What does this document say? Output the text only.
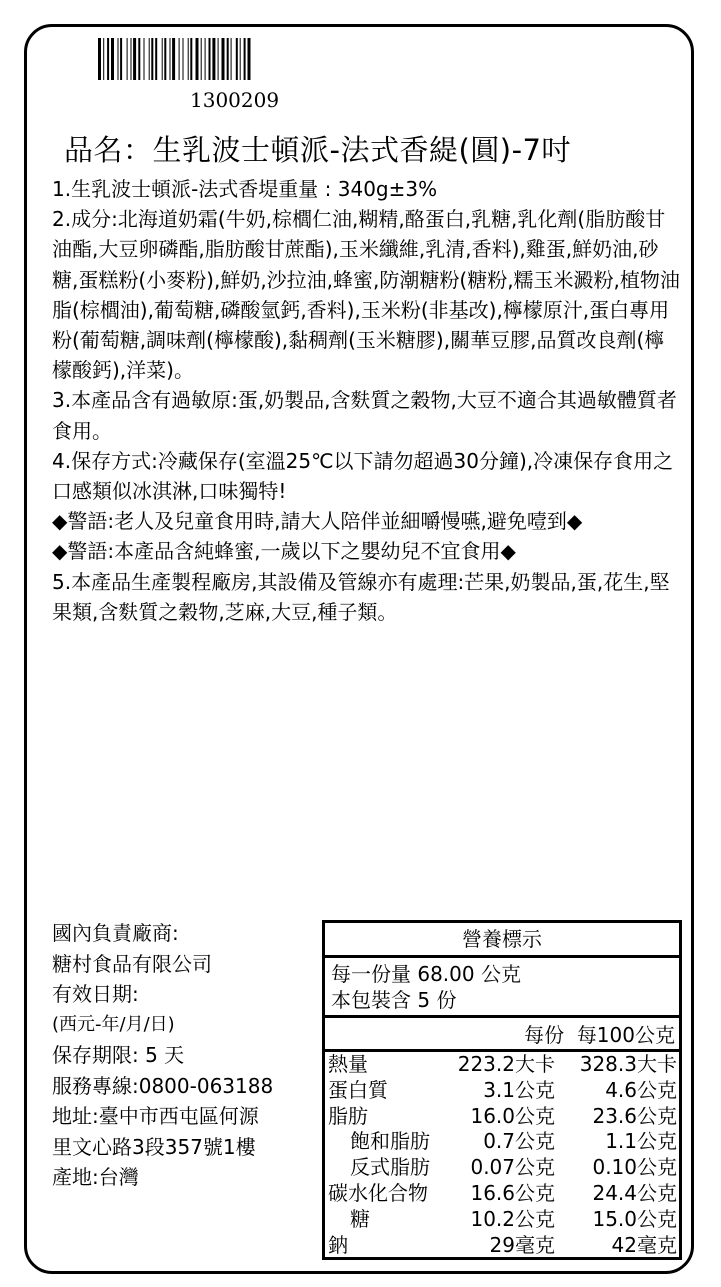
1300209
品名：生乳波士頓派-法式香緹(圓)-7吋

1.生乳波士頓派-法式香堤重量 : 340g±3%

2.成分:北海道奶霜(牛奶,棕櫚仁油,糊精,酪蛋白,乳糖,乳化劑(脂肪酸甘油酯,大豆卵磷酯,脂肪酸甘蔗酯),玉米纖維,乳清,香料),雞蛋,鮮奶油,砂糖,蛋糕粉(小麥粉),鮮奶,沙拉油,蜂蜜,防潮糖粉(糖粉,糯玉米澱粉,植物油脂(棕櫚油),葡萄糖,磷酸氫鈣,香料),玉米粉(非基改),檸檬原汁,蛋白專用粉(葡萄糖,調味劑(檸檬酸),黏稠劑(玉米糖膠),關華豆膠,品質改良劑(檸檬酸鈣),洋菜)。

3.本產品含有過敏原:蛋,奶製品,含麩質之穀物,大豆不適合其過敏體質者食用。

4.保存方式:冷藏保存(室溫25℃以下請勿超過30分鐘),冷凍保存食用之口感類似冰淇淋,口味獨特!

◆警語:老人及兒童食用時,請大人陪伴並細嚼慢嚥,避免噎到◆

◆警語:本產品含純蜂蜜,一歲以下之嬰幼兒不宜食用◆

5.本產品生產製程廠房,其設備及管線亦有處理:芒果,奶製品,蛋,花生,堅果類,含麩質之穀物,芝麻,大豆,種子類。

國內負責廠商:
糖村食品有限公司
有效日期:
(西元-年/月/日)
保存期限: 5 天
服務專線:0800-063188
地址:臺中市西屯區何源
里文心路3段357號1樓
產地:台灣
營養標示
每一份量 68.00 公克
本包裝含 5 份
每份 每100公克
熱量	223.2大卡	328.3大卡
蛋白質	3.1公克	4.6公克
脂肪	16.0公克	23.6公克
飽和脂肪	0.7公克	1.1公克
反式脂肪	0.07公克	0.10公克
碳水化合物	16.6公克	24.4公克
糖	10.2公克	15.0公克
鈉	29毫克	42毫克
